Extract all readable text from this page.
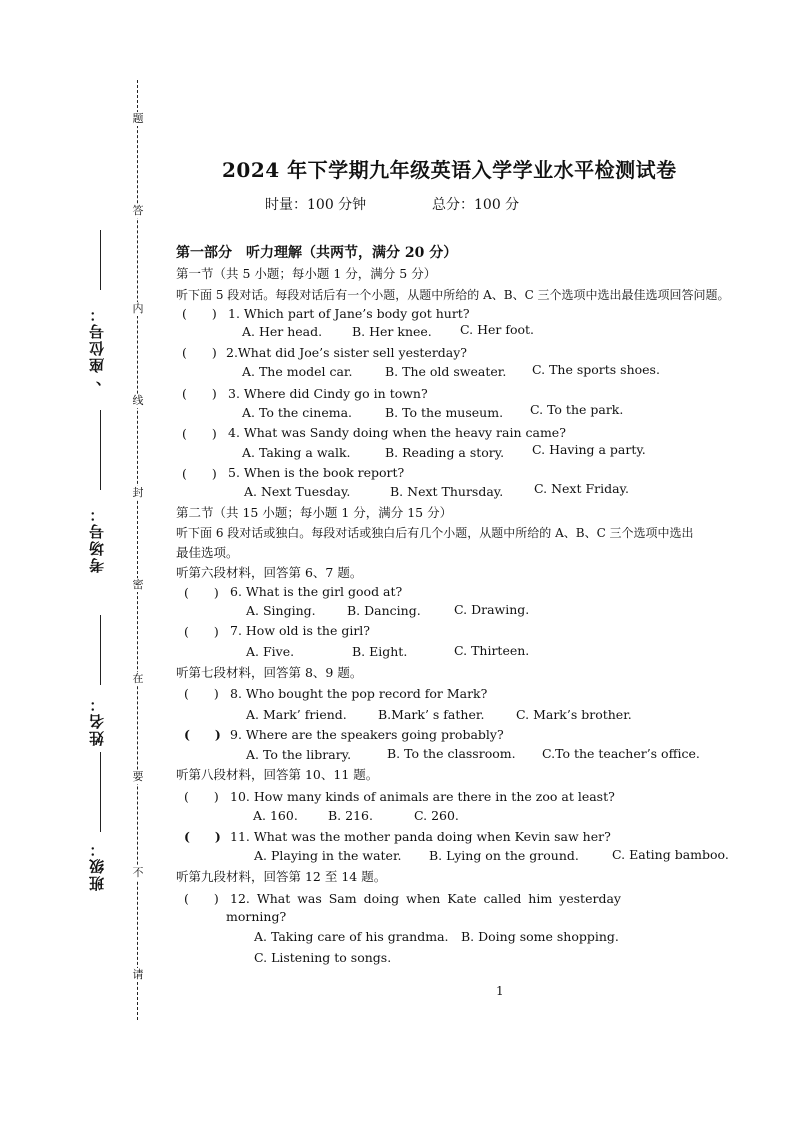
题
答
内
线
封
密
在
要
不
请
座位号：
、
考场号：
姓名：
班级：
2024 年下学期九年级英语入学学业水平检测试卷
时量：100 分钟	总分：100 分
第一部分　听力理解（共两节，满分 20 分）
第一节（共 5 小题；每小题 1 分，满分 5 分）
听下面 5 段对话。每段对话后有一个小题，从题中所给的 A、B、C 三个选项中选出最佳选项回答问题。
(　　) 1. Which part of Jane’s body got hurt?
A. Her head. B. Her knee. C. Her foot.
(　　) 2.What did Joe’s sister sell yesterday?
A. The model car.	B. The old sweater. C. The sports shoes.
(　　) 3. Where did Cindy go in town?
A. To the cinema.	B. To the museum. C. To the park.
(　　) 4. What was Sandy doing when the heavy rain came?
A. Taking a walk.	B. Reading a story. C. Having a party.
(　　) 5. When is the book report?
A. Next Tuesday.	B. Next Thursday. C. Next Friday.
第二节（共 15 小题；每小题 1 分，满分 15 分）
听下面 6 段对话或独白。每段对话或独白后有几个小题，从题中所给的 A、B、C 三个选项中选出
最佳选项。
听第六段材料，回答第 6、7 题。
(　　) 6. What is the girl good at?
A. Singing.	B. Dancing.	C. Drawing.
(　　) 7. How old is the girl?
A. Five.	B. Eight.	C. Thirteen.
听第七段材料，回答第 8、9 题。
(　　) 8. Who bought the pop record for Mark?
A. Mark’ friend.	B.Mark’ s father.	C. Mark’s brother.
(　　) 9. Where are the speakers going probably?
A. To the library.	B. To the classroom. C.To the teacher’s office.
听第八段材料，回答第 10、11 题。
(　　) 10. How many kinds of animals are there in the zoo at least?
A. 160. B. 216.	C. 260.
(　　) 11. What was the mother panda doing when Kevin saw her?
A. Playing in the water. B. Lying on the ground.	C. Eating bamboo.
听第九段材料，回答第 12 至 14 题。
(　　) 12. What was Sam doing when Kate called him yesterday
morning?
A. Taking care of his grandma. B. Doing some shopping.
C. Listening to songs.
1
